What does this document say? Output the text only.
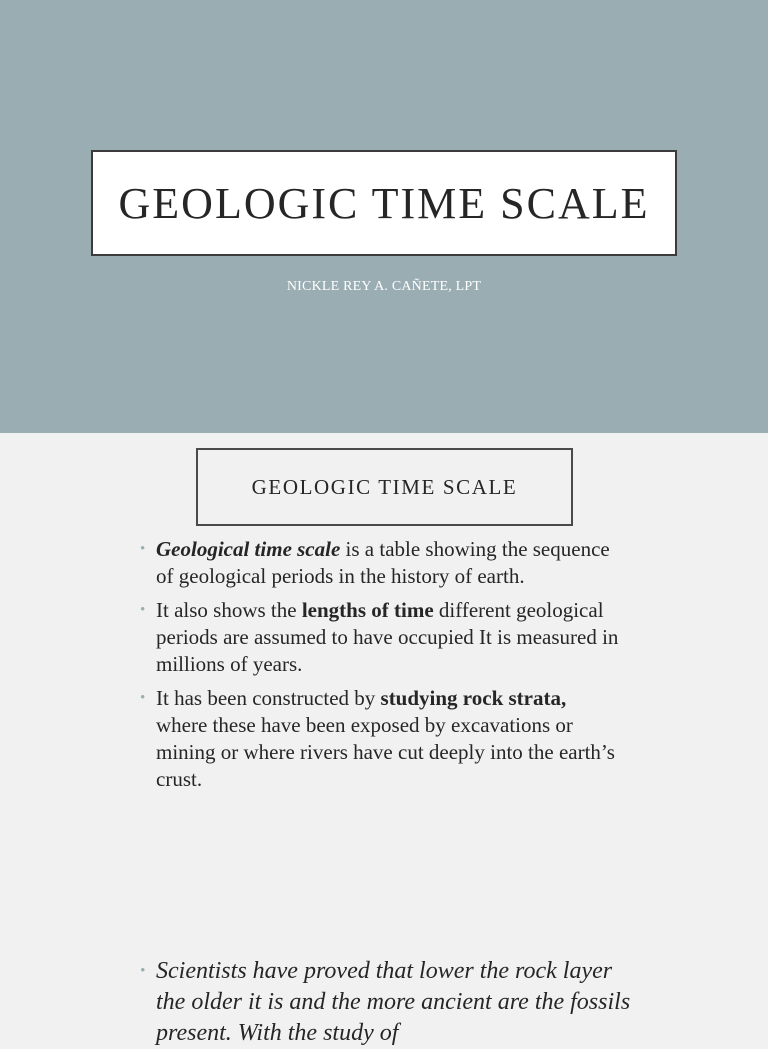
GEOLOGIC TIME SCALE
NICKLE REY A. CAÑETE, LPT
GEOLOGIC TIME SCALE
• Geological time scale is a table showing the sequence of geological periods in the history of earth.
• It also shows the lengths of time different geological periods are assumed to have occupied It is measured in millions of years.
• It has been constructed by studying rock strata, where these have been exposed by excavations or mining or where rivers have cut deeply into the earth’s crust.
• Scientists have proved that lower the rock layer the older it is and the more ancient are the fossils present. With the study of
